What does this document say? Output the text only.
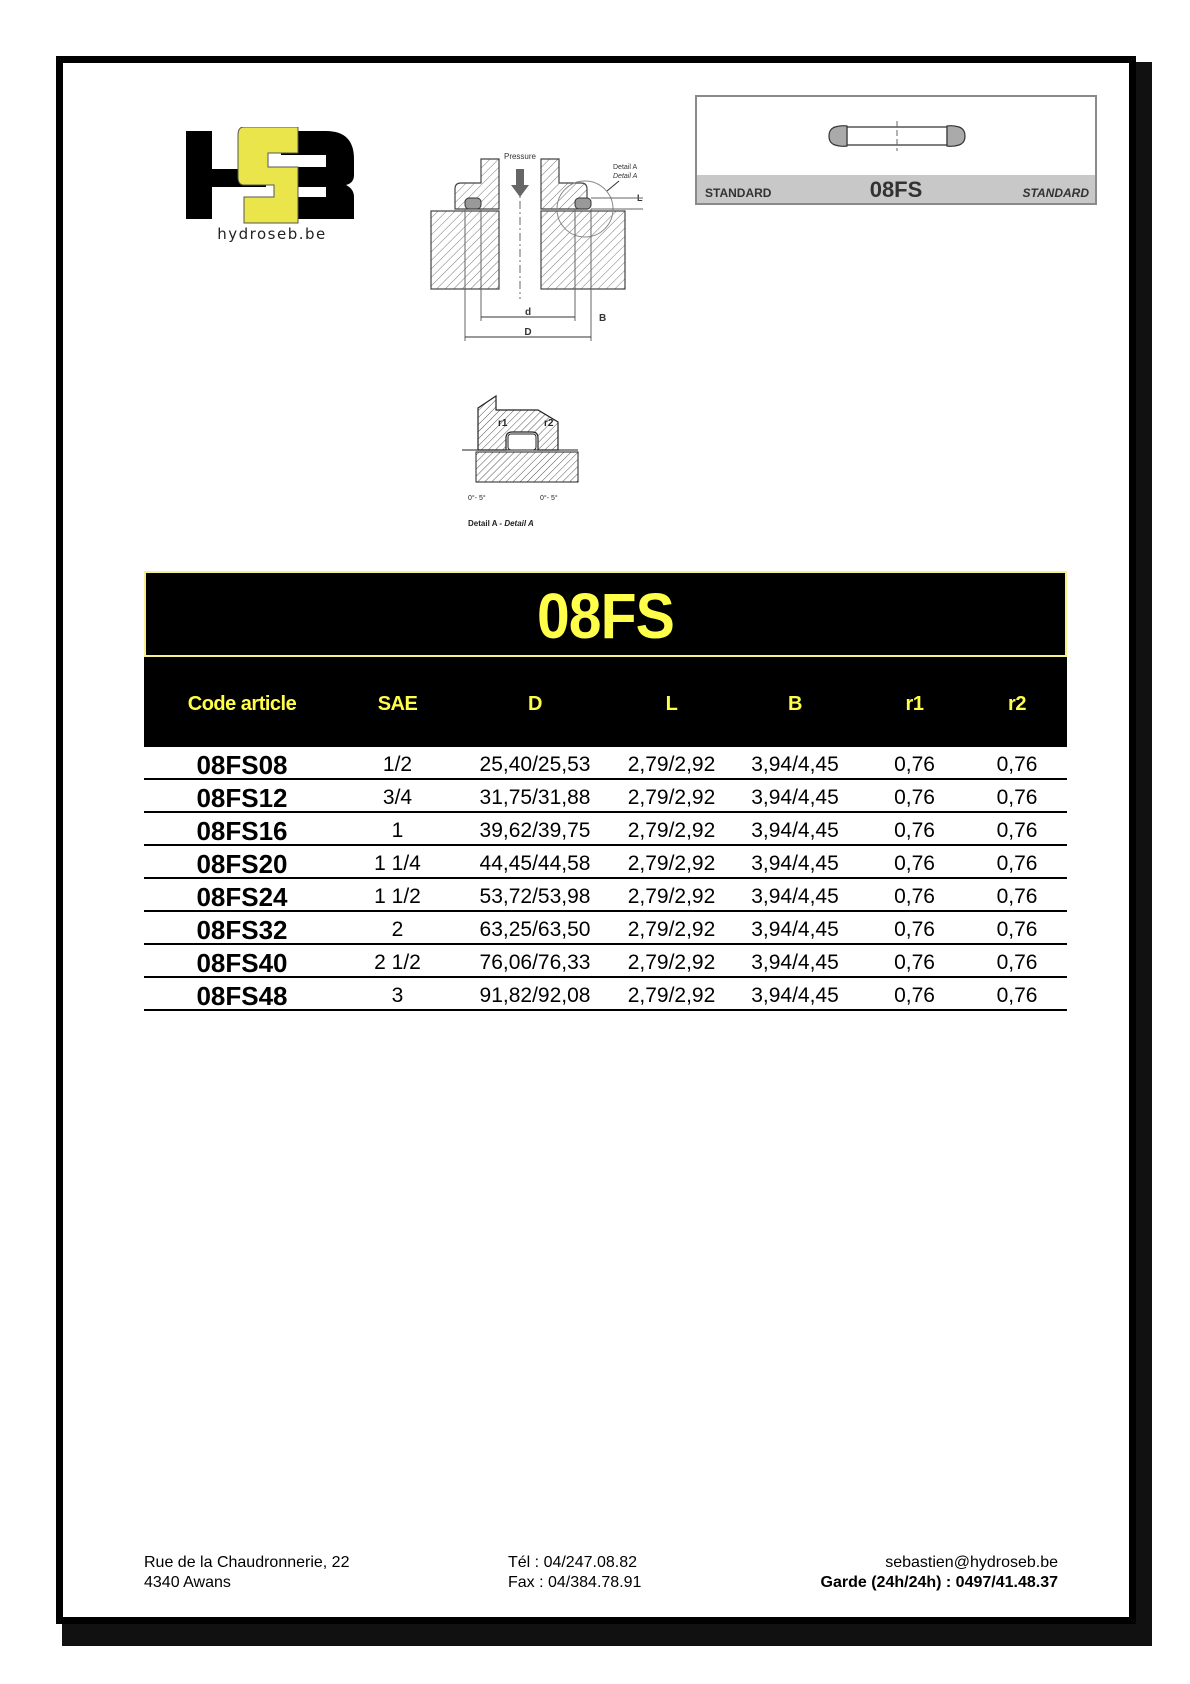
hydroseb.be
Pressure
Detail A
Detail A
L
d
B
D
r1	r2
0°- 5°	0°- 5°
Detail A - Detail A
STANDARD	08FS	STANDARD
08FS
Code article	SAE	D	L	B	r1	r2
08FS08	1/2	25,40/25,53	2,79/2,92	3,94/4,45	0,76	0,76
08FS12	3/4	31,75/31,88	2,79/2,92	3,94/4,45	0,76	0,76
08FS16	1	39,62/39,75	2,79/2,92	3,94/4,45	0,76	0,76
08FS20	1 1/4	44,45/44,58	2,79/2,92	3,94/4,45	0,76	0,76
08FS24	1 1/2	53,72/53,98	2,79/2,92	3,94/4,45	0,76	0,76
08FS32	2	63,25/63,50	2,79/2,92	3,94/4,45	0,76	0,76
08FS40	2 1/2	76,06/76,33	2,79/2,92	3,94/4,45	0,76	0,76
08FS48	3	91,82/92,08	2,79/2,92	3,94/4,45	0,76	0,76
Rue de la Chaudronnerie, 22
4340 Awans
Tél : 04/247.08.82
Fax : 04/384.78.91
sebastien@hydroseb.be
Garde (24h/24h) : 0497/41.48.37
